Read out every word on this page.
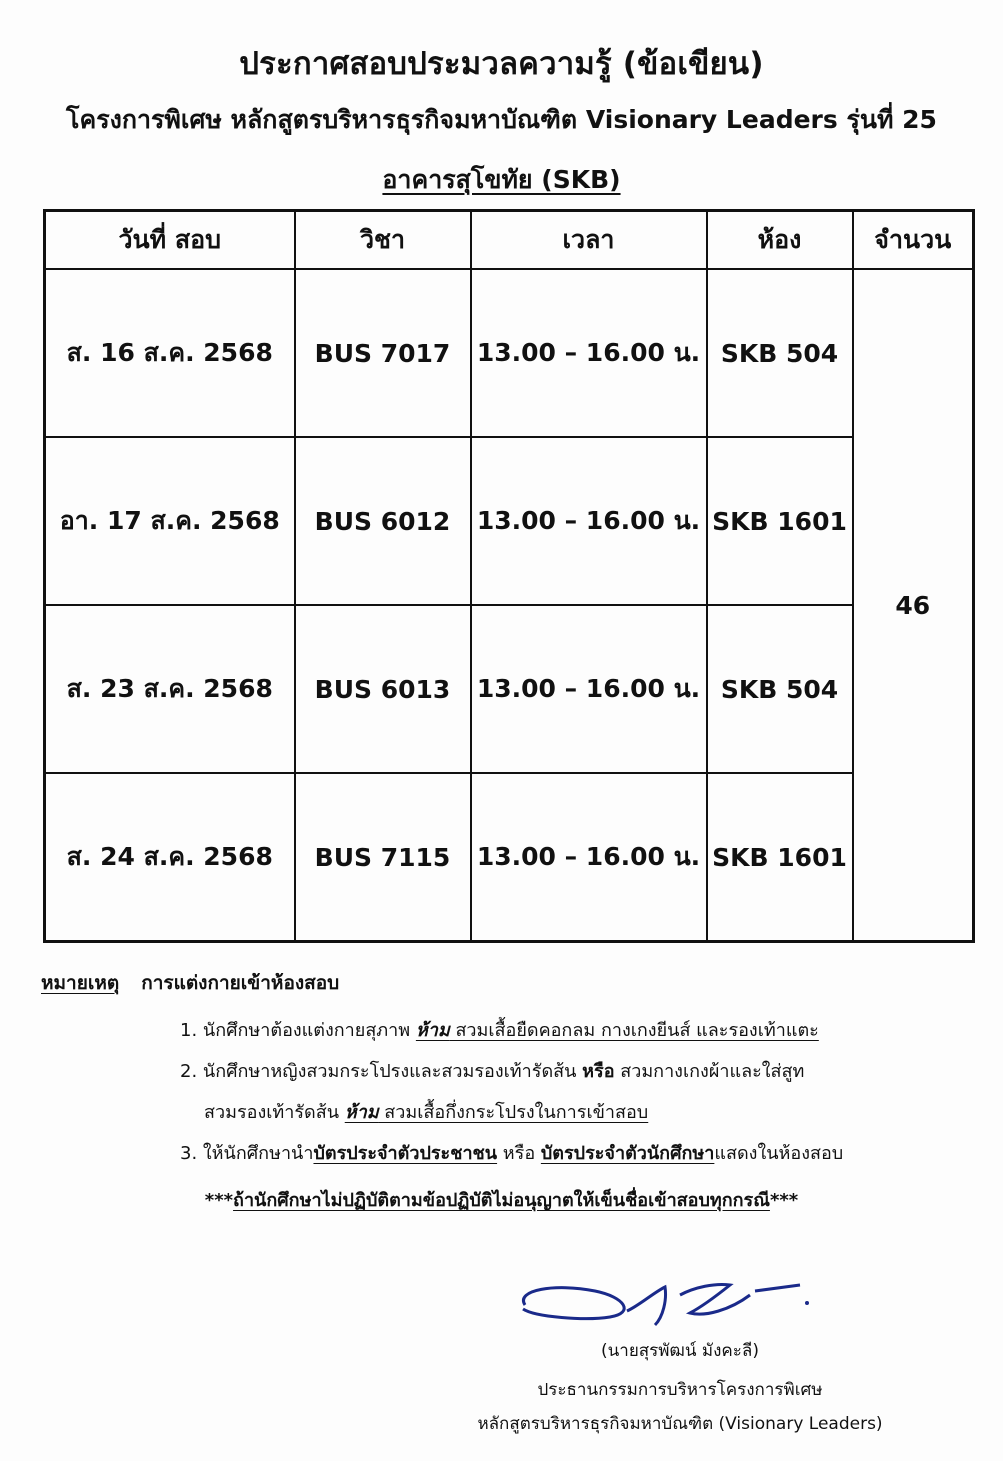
ประกาศสอบประมวลความรู้ (ข้อเขียน)
โครงการพิเศษ หลักสูตรบริหารธุรกิจมหาบัณฑิต Visionary Leaders รุ่นที่ 25
อาคารสุโขทัย (SKB)
วันที่ สอบ	วิชา	เวลา	ห้อง	จำนวน
ส. 16 ส.ค. 2568	BUS 7017	13.00 – 16.00 น.	SKB 504	46
อา. 17 ส.ค. 2568	BUS 6012	13.00 – 16.00 น.	SKB 1601	
ส. 23 ส.ค. 2568	BUS 6013	13.00 – 16.00 น.	SKB 504	
ส. 24 ส.ค. 2568	BUS 7115	13.00 – 16.00 น.	SKB 1601	
หมายเหตุ การแต่งกายเข้าห้องสอบ
1. นักศึกษาต้องแต่งกายสุภาพ ห้าม สวมเสื้อยืดคอกลม กางเกงยีนส์ และรองเท้าแตะ
2. นักศึกษาหญิงสวมกระโปรงและสวมรองเท้ารัดส้น หรือ สวมกางเกงผ้าและใส่สูท
สวมรองเท้ารัดส้น ห้าม สวมเสื้อกึ่งกระโปรงในการเข้าสอบ
3. ให้นักศึกษานำบัตรประจำตัวประชาชน หรือ บัตรประจำตัวนักศึกษาแสดงในห้องสอบ
***ถ้านักศึกษาไม่ปฏิบัติตามข้อปฏิบัติไม่อนุญาตให้เข็นชื่อเข้าสอบทุกกรณี***
(นายสุรพัฒน์ มังคะลี)
ประธานกรรมการบริหารโครงการพิเศษ
หลักสูตรบริหารธุรกิจมหาบัณฑิต (Visionary Leaders)
